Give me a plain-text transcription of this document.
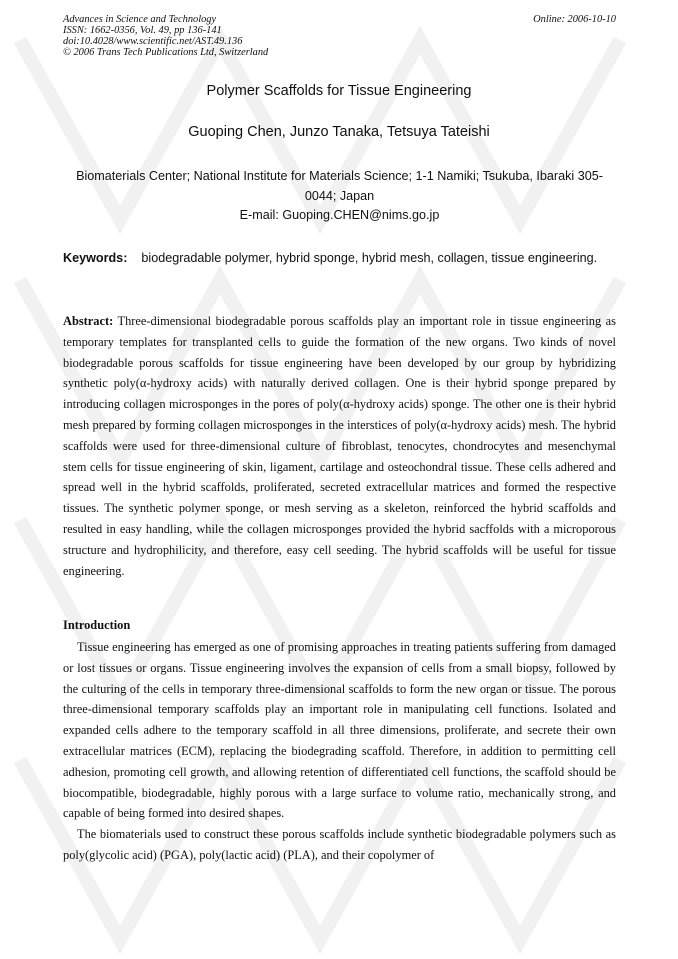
Advances in Science and Technology
ISSN: 1662-0356, Vol. 49, pp 136-141
doi:10.4028/www.scientific.net/AST.49.136
© 2006 Trans Tech Publications Ltd, Switzerland
Online: 2006-10-10
Polymer Scaffolds for Tissue Engineering
Guoping Chen, Junzo Tanaka, Tetsuya Tateishi
Biomaterials Center; National Institute for Materials Science; 1-1 Namiki; Tsukuba, Ibaraki 305-0044; Japan
E-mail: Guoping.CHEN@nims.go.jp
Keywords: biodegradable polymer, hybrid sponge, hybrid mesh, collagen, tissue engineering.
Abstract: Three-dimensional biodegradable porous scaffolds play an important role in tissue engineering as temporary templates for transplanted cells to guide the formation of the new organs. Two kinds of novel biodegradable porous scaffolds for tissue engineering have been developed by our group by hybridizing synthetic poly(α-hydroxy acids) with naturally derived collagen. One is their hybrid sponge prepared by introducing collagen microsponges in the pores of poly(α-hydroxy acids) sponge. The other one is their hybrid mesh prepared by forming collagen microsponges in the interstices of poly(α-hydroxy acids) mesh. The hybrid scaffolds were used for three-dimensional culture of fibroblast, tenocytes, chondrocytes and mesenchymal stem cells for tissue engineering of skin, ligament, cartilage and osteochondral tissue. These cells adhered and spread well in the hybrid scaffolds, proliferated, secreted extracellular matrices and formed the respective tissues. The synthetic polymer sponge, or mesh serving as a skeleton, reinforced the hybrid scaffolds and resulted in easy handling, while the collagen microsponges provided the hybrid sacffolds with a microporous structure and hydrophilicity, and therefore, easy cell seeding. The hybrid scaffolds will be useful for tissue engineering.
Introduction

Tissue engineering has emerged as one of promising approaches in treating patients suffering from damaged or lost tissues or organs. Tissue engineering involves the expansion of cells from a small biopsy, followed by the culturing of the cells in temporary three-dimensional scaffolds to form the new organ or tissue. The porous three-dimensional temporary scaffolds play an important role in manipulating cell functions. Isolated and expanded cells adhere to the temporary scaffold in all three dimensions, proliferate, and secrete their own extracellular matrices (ECM), replacing the biodegrading scaffold. Therefore, in addition to permitting cell adhesion, promoting cell growth, and allowing retention of differentiated cell functions, the scaffold should be biocompatible, biodegradable, highly porous with a large surface to volume ratio, mechanically strong, and capable of being formed into desired shapes.

The biomaterials used to construct these porous scaffolds include synthetic biodegradable polymers such as poly(glycolic acid) (PGA), poly(lactic acid) (PLA), and their copolymer of
